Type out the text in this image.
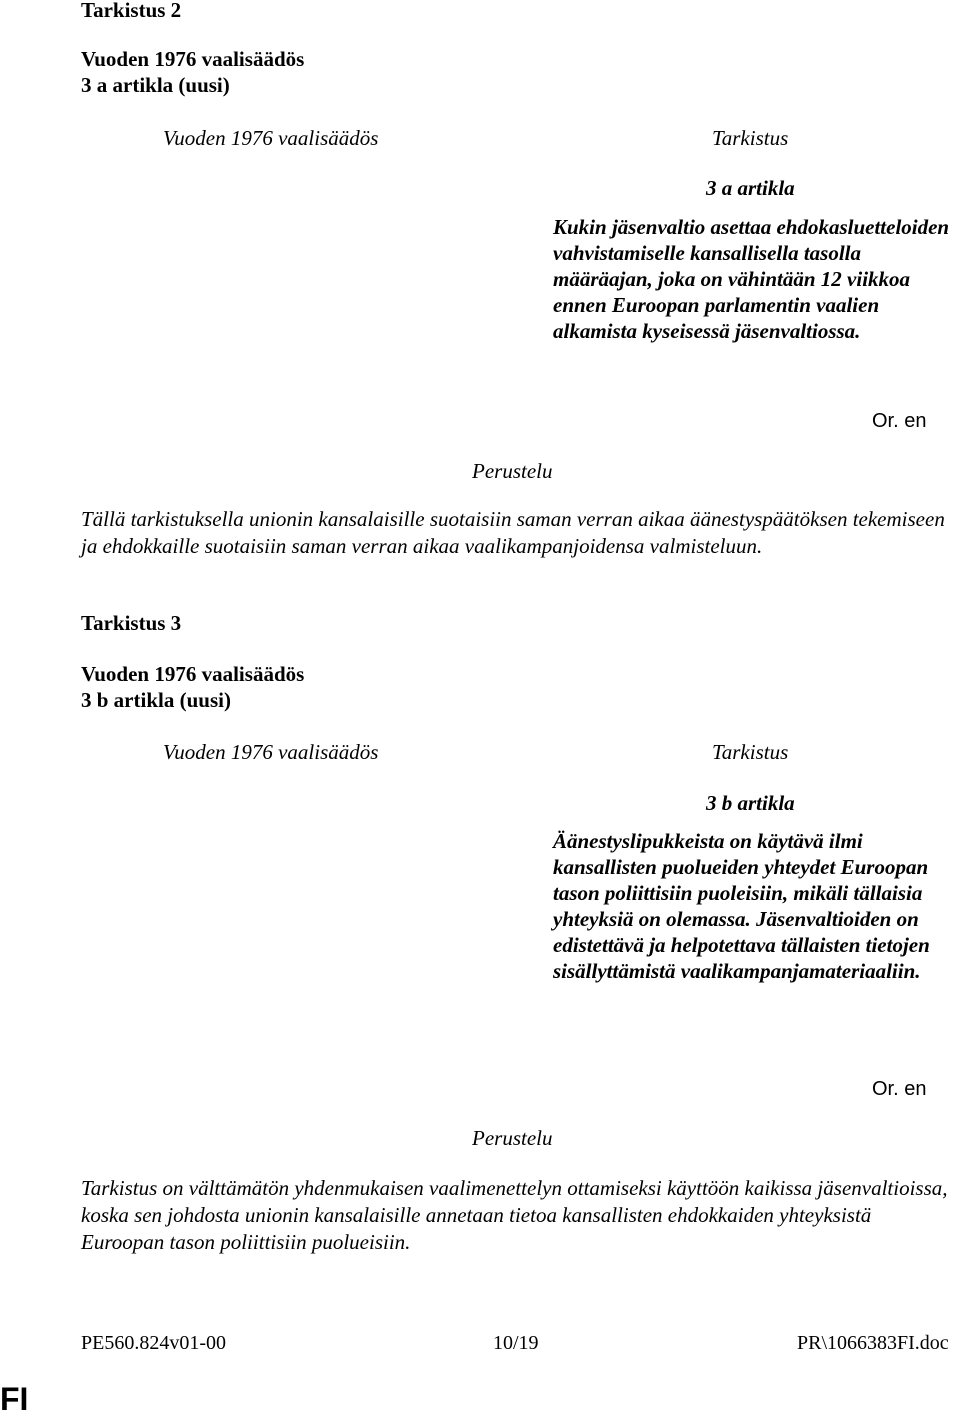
Tarkistus 2
Vuoden 1976 vaalisäädös
3 a artikla (uusi)
Vuoden 1976 vaalisäädös	Tarkistus
3 a artikla
Kukin jäsenvaltio asettaa ehdokasluetteloiden vahvistamiselle kansallisella tasolla määräajan, joka on vähintään 12 viikkoa ennen Euroopan parlamentin vaalien alkamista kyseisessä jäsenvaltiossa.
Or. en
Perustelu
Tällä tarkistuksella unionin kansalaisille suotaisiin saman verran aikaa äänestyspäätöksen tekemiseen ja ehdokkaille suotaisiin saman verran aikaa vaalikampanjoidensa valmisteluun.
Tarkistus 3
Vuoden 1976 vaalisäädös
3 b artikla (uusi)
Vuoden 1976 vaalisäädös	Tarkistus
3 b artikla
Äänestyslipukkeista on käytävä ilmi kansallisten puolueiden yhteydet Euroopan tason poliittisiin puoleisiin, mikäli tällaisia yhteyksiä on olemassa. Jäsenvaltioiden on edistettävä ja helpotettava tällaisten tietojen sisällyttämistä vaalikampanjamateriaaliin.
Or. en
Perustelu
Tarkistus on välttämätön yhdenmukaisen vaalimenettelyn ottamiseksi käyttöön kaikissa jäsenvaltioissa, koska sen johdosta unionin kansalaisille annetaan tietoa kansallisten ehdokkaiden yhteyksistä Euroopan tason poliittisiin puolueisiin.
PE560.824v01-00	10/19	PR\1066383FI.doc
FI
